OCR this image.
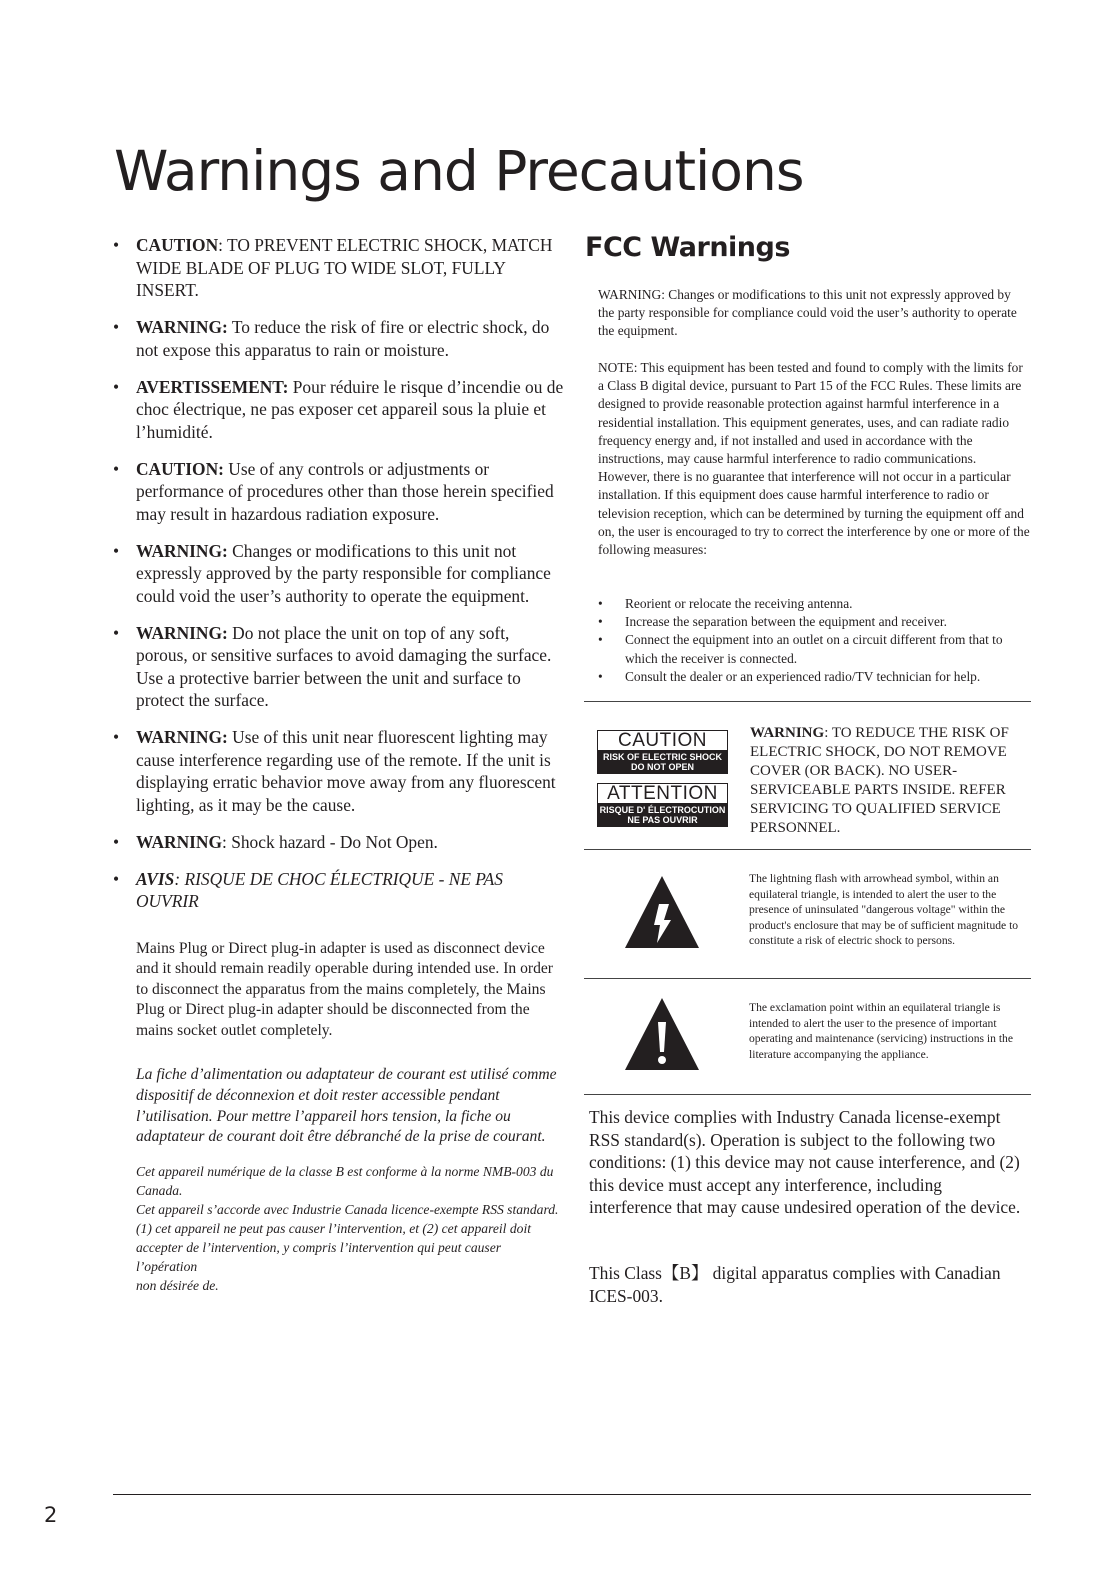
Warnings and Precautions
• CAUTION: TO PREVENT ELECTRIC SHOCK, MATCH WIDE BLADE OF PLUG TO WIDE SLOT, FULLY INSERT.
• WARNING: To reduce the risk of fire or electric shock, do not expose this apparatus to rain or moisture.
• AVERTISSEMENT: Pour réduire le risque d’incendie ou de choc électrique, ne pas exposer cet appareil sous la pluie et l’humidité.
• CAUTION: Use of any controls or adjustments or performance of procedures other than those herein specified may result in hazardous radiation exposure.
• WARNING: Changes or modifications to this unit not expressly approved by the party responsible for compliance could void the user’s authority to operate the equipment.
• WARNING: Do not place the unit on top of any soft, porous, or sensitive surfaces to avoid damaging the surface. Use a protective barrier between the unit and surface to protect the surface.
• WARNING: Use of this unit near fluorescent lighting may cause interference regarding use of the remote. If the unit is displaying erratic behavior move away from any fluorescent lighting, as it may be the cause.
• WARNING: Shock hazard - Do Not Open.
• AVIS: RISQUE DE CHOC ÉLECTRIQUE - NE PAS OUVRIR

Mains Plug or Direct plug-in adapter is used as disconnect device and it should remain readily operable during intended use. In order to disconnect the apparatus from the mains completely, the Mains Plug or Direct plug-in adapter should be disconnected from the mains socket outlet completely.

La fiche d’alimentation ou adaptateur de courant est utilisé comme dispositif de déconnexion et doit rester accessible pendant l’utilisation. Pour mettre l’appareil hors tension, la fiche ou adaptateur de courant doit être débranché de la prise de courant.

Cet appareil numérique de la classe B est conforme à la norme NMB-003 du Canada.
Cet appareil s’accorde avec Industrie Canada licence-exempte RSS standard.
(1) cet appareil ne peut pas causer l’intervention, et (2) cet appareil doit
accepter de l’intervention, y compris l’intervention qui peut causer l’opération
non désirée de.
FCC Warnings

WARNING: Changes or modifications to this unit not expressly approved by the party responsible for compliance could void the user’s authority to operate the equipment.

NOTE: This equipment has been tested and found to comply with the limits for a Class B digital device, pursuant to Part 15 of the FCC Rules. These limits are designed to provide reasonable protection against harmful interference in a residential installation. This equipment generates, uses, and can radiate radio frequency energy and, if not installed and used in accordance with the instructions, may cause harmful interference to radio communications. However, there is no guarantee that interference will not occur in a particular installation. If this equipment does cause harmful interference to radio or television reception, which can be determined by turning the equipment off and on, the user is encouraged to try to correct the interference by one or more of the following measures:

• Reorient or relocate the receiving antenna.
• Increase the separation between the equipment and receiver.
• Connect the equipment into an outlet on a circuit different from that to which the receiver is connected.
• Consult the dealer or an experienced radio/TV technician for help.
CAUTION
RISK OF ELECTRIC SHOCK
DO NOT OPEN
ATTENTION
RISQUE D' ÉLECTROCUTION
NE PAS OUVRIR

WARNING: TO REDUCE THE RISK OF ELECTRIC SHOCK, DO NOT REMOVE COVER (OR BACK). NO USER-SERVICEABLE PARTS INSIDE. REFER SERVICING TO QUALIFIED SERVICE PERSONNEL.

The lightning flash with arrowhead symbol, within an equilateral triangle, is intended to alert the user to the presence of uninsulated "dangerous voltage" within the product's enclosure that may be of sufficient magnitude to constitute a risk of electric shock to persons.

The exclamation point within an equilateral triangle is intended to alert the user to the presence of important operating and maintenance (servicing) instructions in the literature accompanying the appliance.

This device complies with Industry Canada license-exempt RSS standard(s). Operation is subject to the following two conditions: (1) this device may not cause interference, and (2) this device must accept any interference, including interference that may cause undesired operation of the device.

This Class【B】 digital apparatus complies with Canadian ICES-003.

2
